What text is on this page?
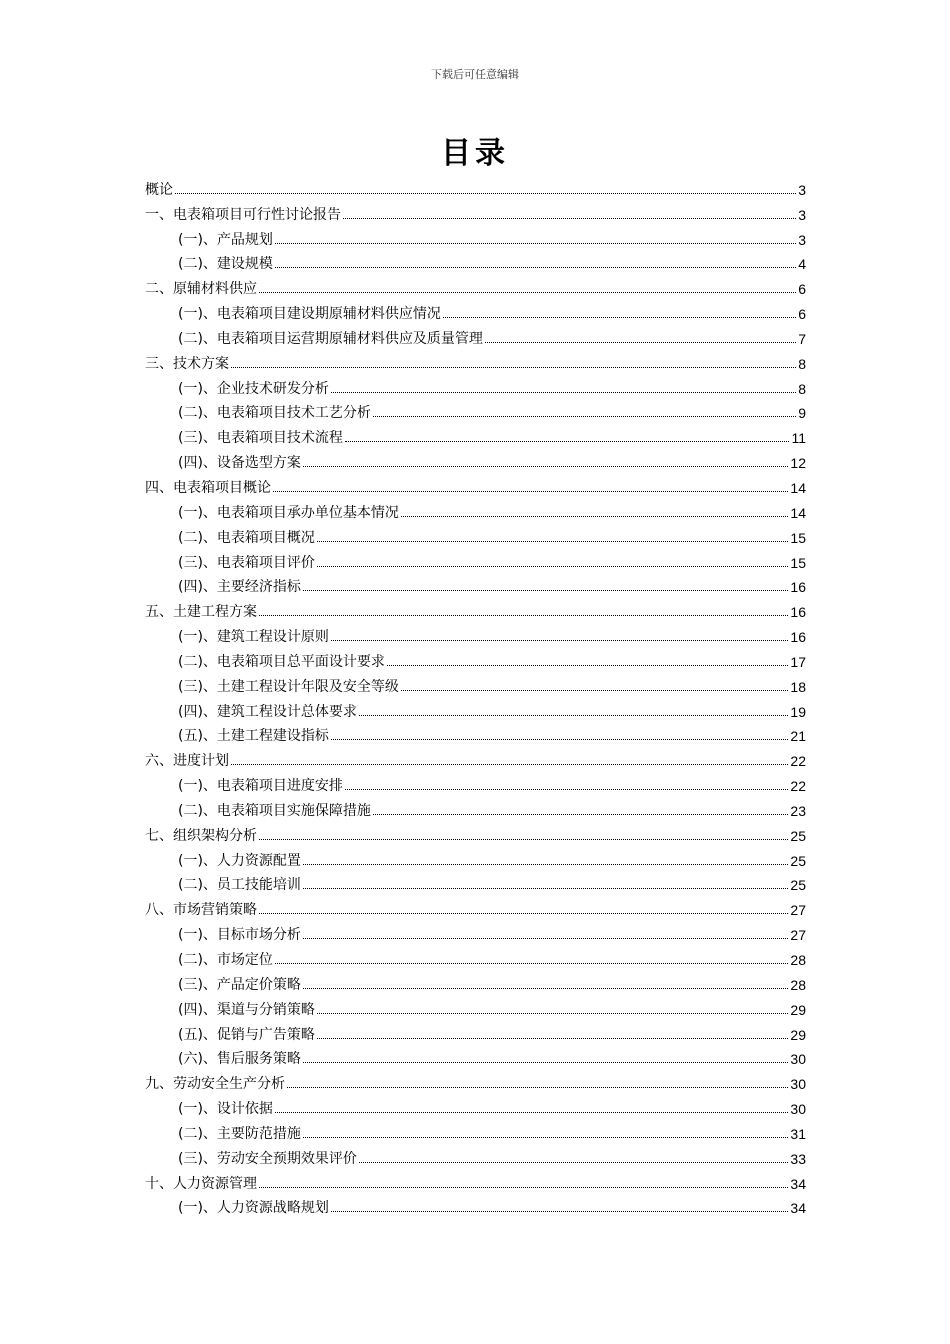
下载后可任意编辑
目录
概论	3
一、电表箱项目可行性讨论报告	3
(一)、产品规划	3
(二)、建设规模	4
二、原辅材料供应	6
(一)、电表箱项目建设期原辅材料供应情况	6
(二)、电表箱项目运营期原辅材料供应及质量管理	7
三、技术方案	8
(一)、企业技术研发分析	8
(二)、电表箱项目技术工艺分析	9
(三)、电表箱项目技术流程	11
(四)、设备选型方案	12
四、电表箱项目概论	14
(一)、电表箱项目承办单位基本情况	14
(二)、电表箱项目概况	15
(三)、电表箱项目评价	15
(四)、主要经济指标	16
五、土建工程方案	16
(一)、建筑工程设计原则	16
(二)、电表箱项目总平面设计要求	17
(三)、土建工程设计年限及安全等级	18
(四)、建筑工程设计总体要求	19
(五)、土建工程建设指标	21
六、进度计划	22
(一)、电表箱项目进度安排	22
(二)、电表箱项目实施保障措施	23
七、组织架构分析	25
(一)、人力资源配置	25
(二)、员工技能培训	25
八、市场营销策略	27
(一)、目标市场分析	27
(二)、市场定位	28
(三)、产品定价策略	28
(四)、渠道与分销策略	29
(五)、促销与广告策略	29
(六)、售后服务策略	30
九、劳动安全生产分析	30
(一)、设计依据	30
(二)、主要防范措施	31
(三)、劳动安全预期效果评价	33
十、人力资源管理	34
(一)、人力资源战略规划	34
